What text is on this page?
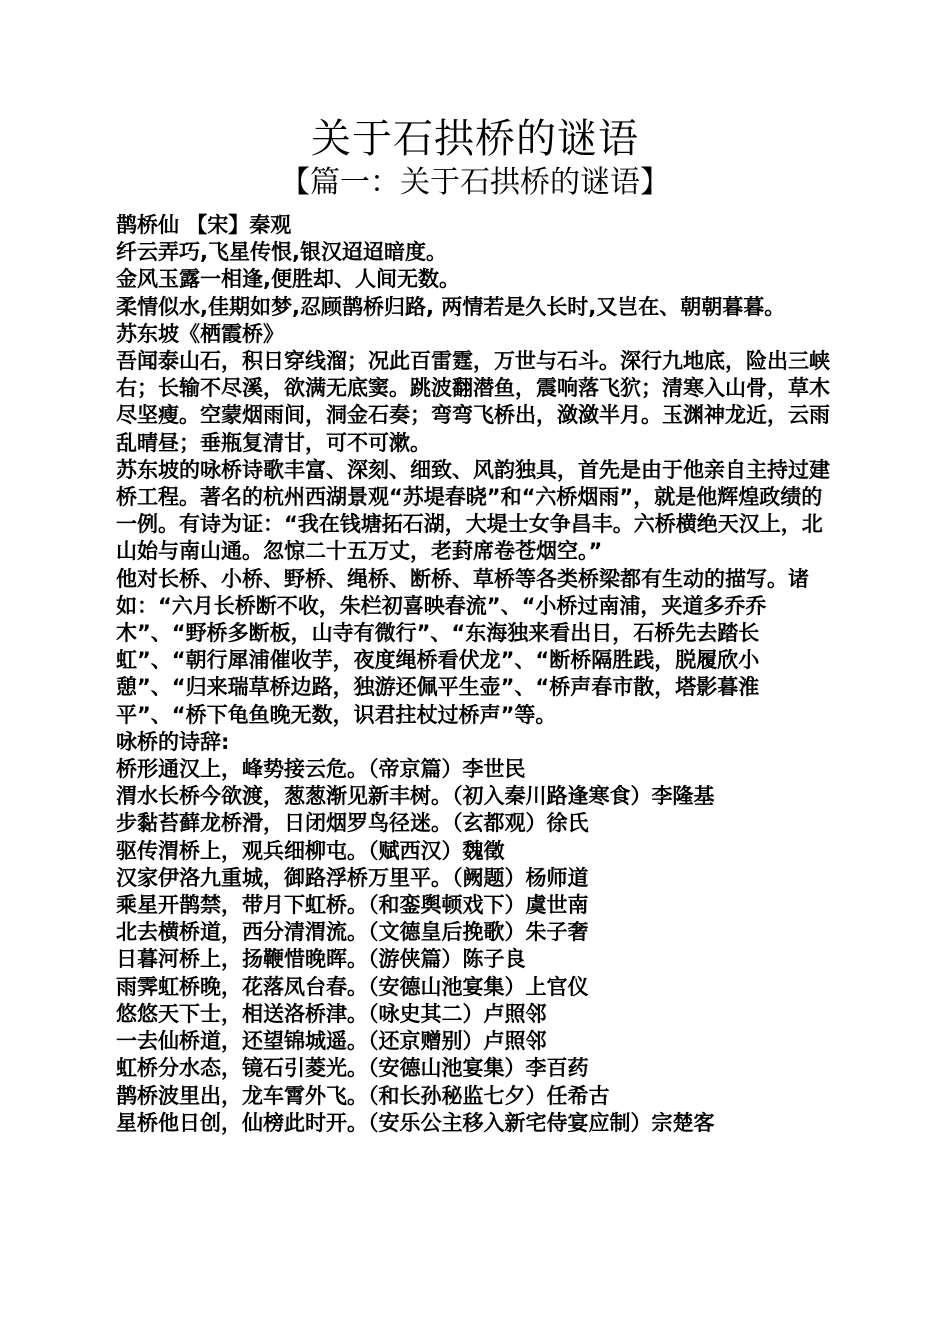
关于石拱桥的谜语
【篇一：关于石拱桥的谜语】

鹊桥仙 【宋】秦观

纤云弄巧,飞星传恨,银汉迢迢暗度。

金风玉露一相逢,便胜却、人间无数。

柔情似水,佳期如梦,忍顾鹊桥归路, 两情若是久长时,又岂在、朝朝暮暮。

苏东坡《栖霞桥》

吾闻泰山石，积日穿线溜；况此百雷霆，万世与石斗。深行九地底，险出三峡右；长输不尽溪，欲满无底窦。跳波翻潜鱼，震响落飞狖；清寒入山骨，草木尽坚瘦。空蒙烟雨间，洞金石奏；弯弯飞桥出，潋潋半月。玉渊神龙近，云雨乱晴昼；垂瓶复清甘，可不可漱。

苏东坡的咏桥诗歌丰富、深刻、细致、风韵独具，首先是由于他亲自主持过建桥工程。著名的杭州西湖景观“苏堤春晓”和“六桥烟雨”，就是他辉煌政绩的一例。有诗为证：“我在钱塘拓石湖，大堤士女争昌丰。六桥横绝天汉上，北山始与南山通。忽惊二十五万丈，老葑席卷苍烟空。”

他对长桥、小桥、野桥、绳桥、断桥、草桥等各类桥梁都有生动的描写。诸如：“六月长桥断不收，朱栏初喜映春流”、“小桥过南浦，夹道多乔乔木”、“野桥多断板，山寺有微行”、“东海独来看出日，石桥先去踏长虹”、“朝行犀浦催收芋，夜度绳桥看伏龙”、“断桥隔胜践，脱履欣小憩”、“归来瑞草桥边路，独游还佩平生壶”、“桥声春市散，塔影暮淮平”、“桥下龟鱼晚无数，识君拄杖过桥声”等。

咏桥的诗辞:

桥形通汉上，峰势接云危。（帝京篇）李世民
渭水长桥今欲渡，葱葱渐见新丰树。（初入秦川路逢寒食）李隆基
步黏苔藓龙桥滑，日闭烟罗鸟径迷。（玄都观）徐氏
驱传渭桥上，观兵细柳屯。（赋西汉）魏徵
汉家伊洛九重城，御路浮桥万里平。（阙题）杨师道
乘星开鹊禁，带月下虹桥。（和銮舆顿戏下）虞世南
北去横桥道，西分清渭流。（文德皇后挽歌）朱子奢
日暮河桥上，扬鞭惜晚晖。（游侠篇）陈子良
雨霁虹桥晚，花落凤台春。（安德山池宴集）上官仪
悠悠天下士，相送洛桥津。（咏史其二）卢照邻
一去仙桥道，还望锦城遥。（还京赠别）卢照邻
虹桥分水态，镜石引菱光。（安德山池宴集）李百药
鹊桥波里出，龙车霄外飞。（和长孙秘监七夕）任希古
星桥他日创，仙榜此时开。（安乐公主移入新宅侍宴应制）宗楚客
